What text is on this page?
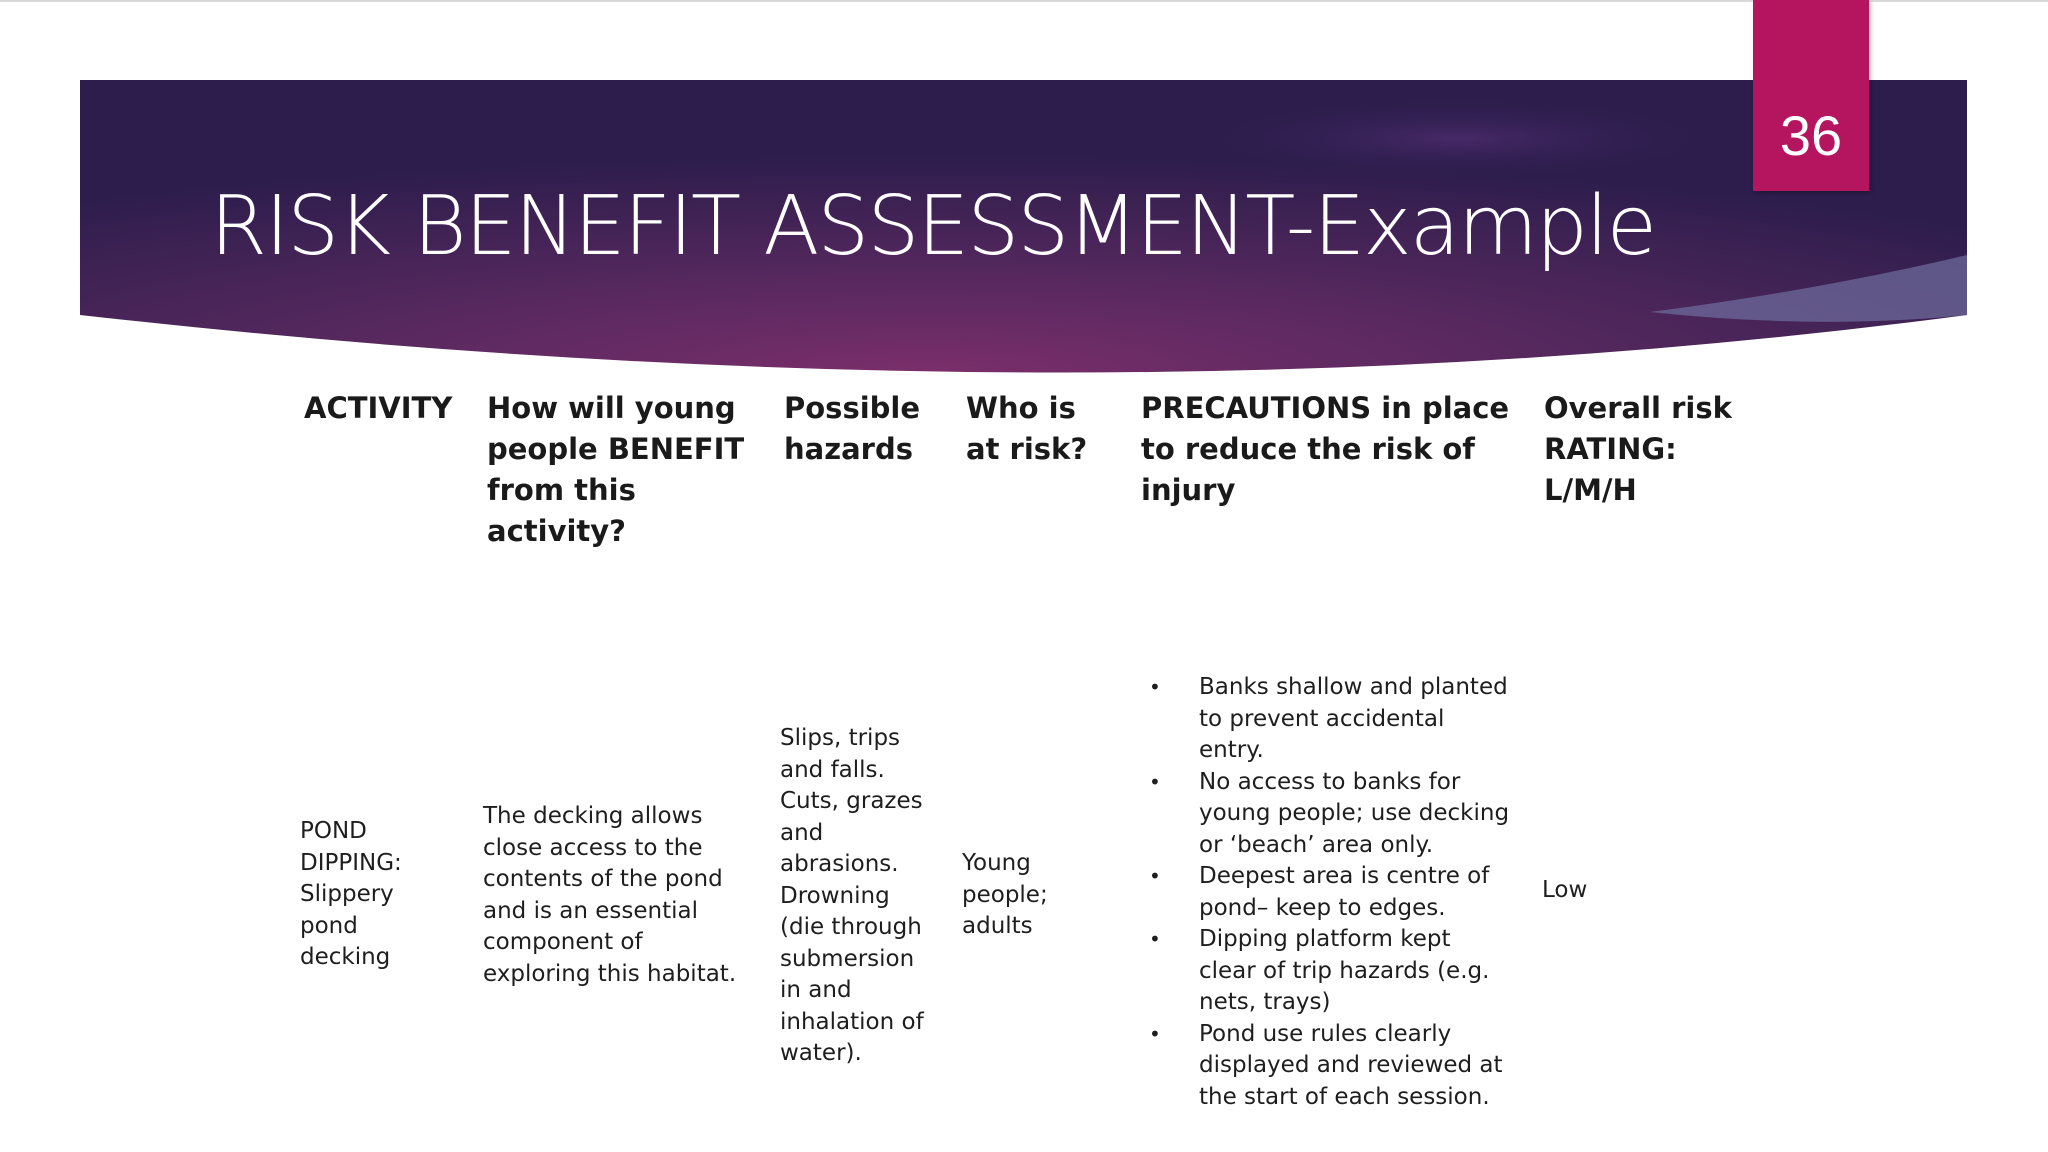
36
RISK BENEFIT ASSESSMENT-Example
ACTIVITY How will young
people BENEFIT
from this
activity?
Possible
hazards
Who is
at risk?
PRECAUTIONS in place
to reduce the risk of
injury
Overall risk
RATING:
L/M/H
POND
DIPPING:
Slippery
pond
decking
The decking allows
close access to the
contents of the pond
and is an essential
component of
exploring this habitat.
Slips, trips
and falls.
Cuts, grazes
and
abrasions.
Drowning
(die through
submersion
in and
inhalation of
water).
Young
people;
adults
• Banks shallow and planted
to prevent accidental
entry.
• No access to banks for
young people; use decking
or ‘beach’ area only.
• Deepest area is centre of
pond– keep to edges.
• Dipping platform kept
clear of trip hazards (e.g.
nets, trays)
• Pond use rules clearly
displayed and reviewed at
the start of each session.
Low
